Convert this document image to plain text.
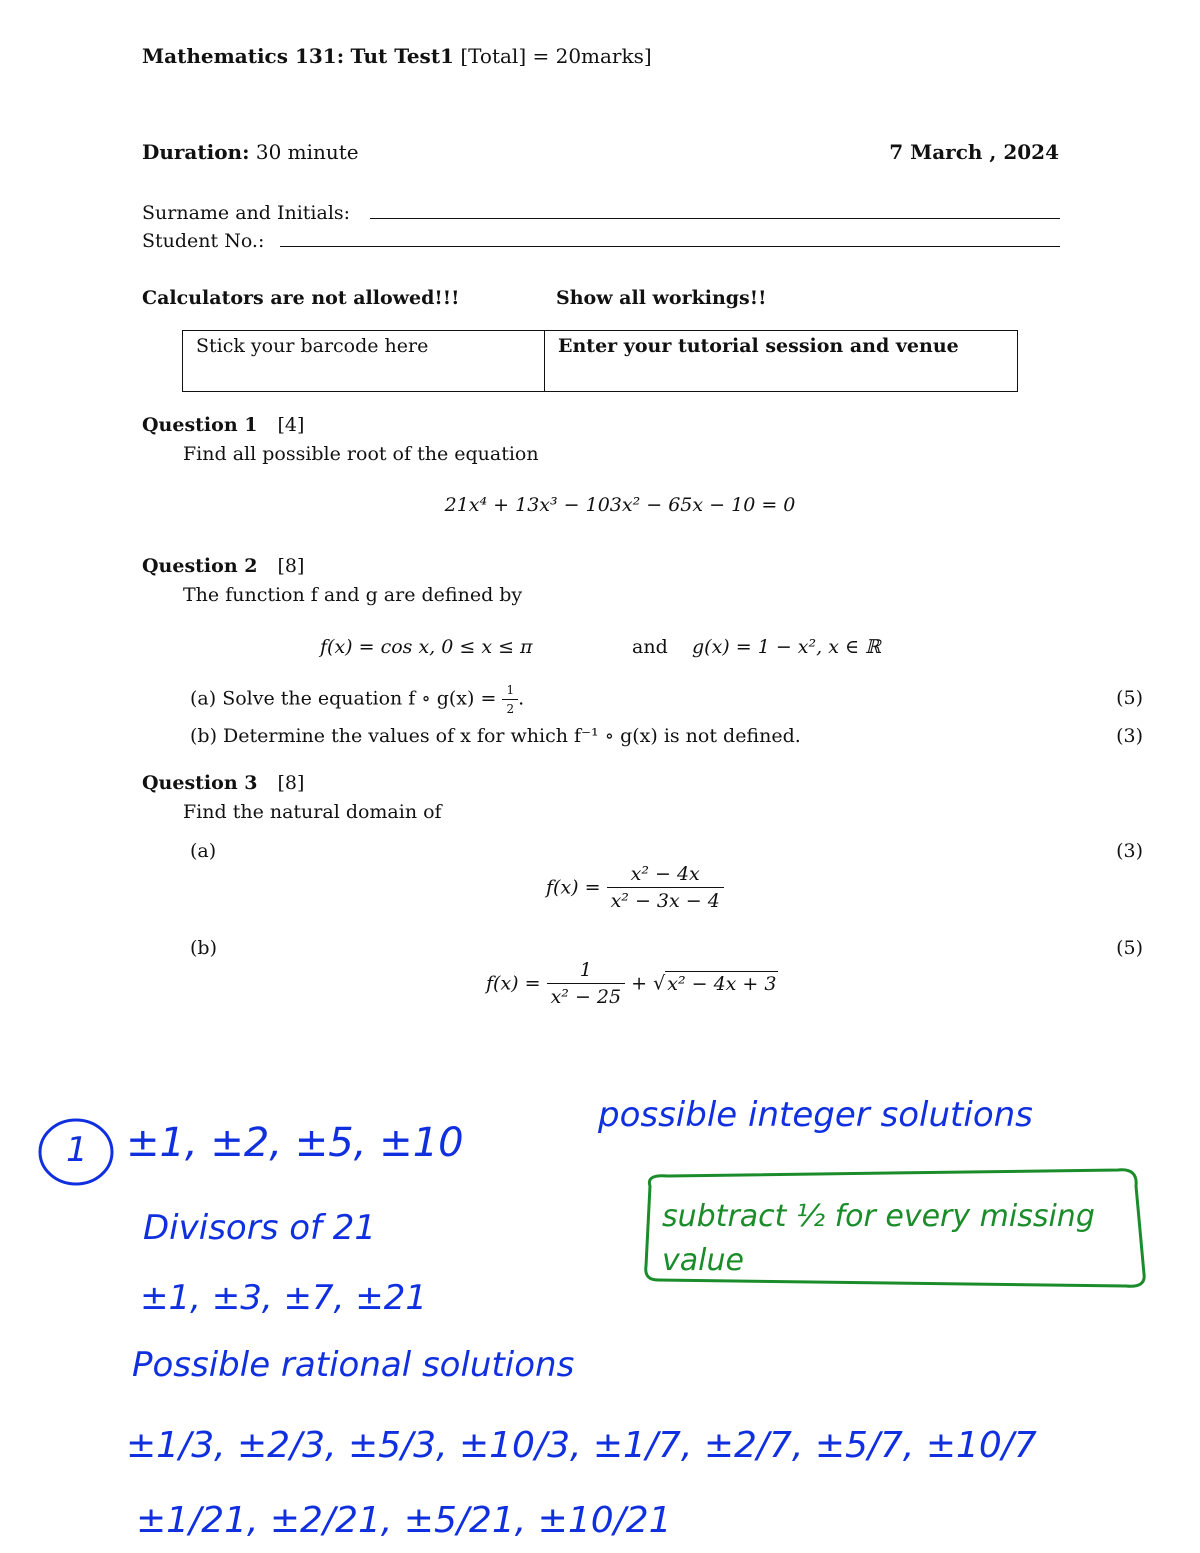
Mathematics 131: Tut Test1 [Total] = 20marks]
Duration: 30 minute	7 March , 2024
Surname and Initials:
Student No.:
Calculators are not allowed!!!	Show all workings!!
Stick your barcode here	Enter your tutorial session and venue
Question 1 [4]
Find all possible root of the equation
21x⁴ + 13x³ − 103x² − 65x − 10 = 0
Question 2 [8]
The function f and g are defined by
f(x) = cos x, 0 ≤ x ≤ π	and g(x) = 1 − x², x ∈ ℝ
(a) Solve the equation f ∘ $g(x) = \frac{1}{2}$ .	(5)
(b) Determine the values of x for which f⁻¹ ∘ g(x) is not defined.	(3)
Question 3 [8]
Find the natural domain of
(a)	(3)
$f(x) = \frac{\text{x² − 4x}}{\text{x² − 3x − 4}}$
(b)	(5)
$f(x) = \frac{1}{\text{x² − 25}}$ + √ x² − 4x + 3
1 ±1, ±2, ±5, ±10
possible integer solutions
Divisors of 21
±1, ±3, ±7, ±21
Possible rational solutions
±1/3, ±2/3, ±5/3, ±10/3, ±1/7, ±2/7, ±5/7, ±10/7
±1/21, ±2/21, ±5/21, ±10/21
subtract ½ for every missing value
